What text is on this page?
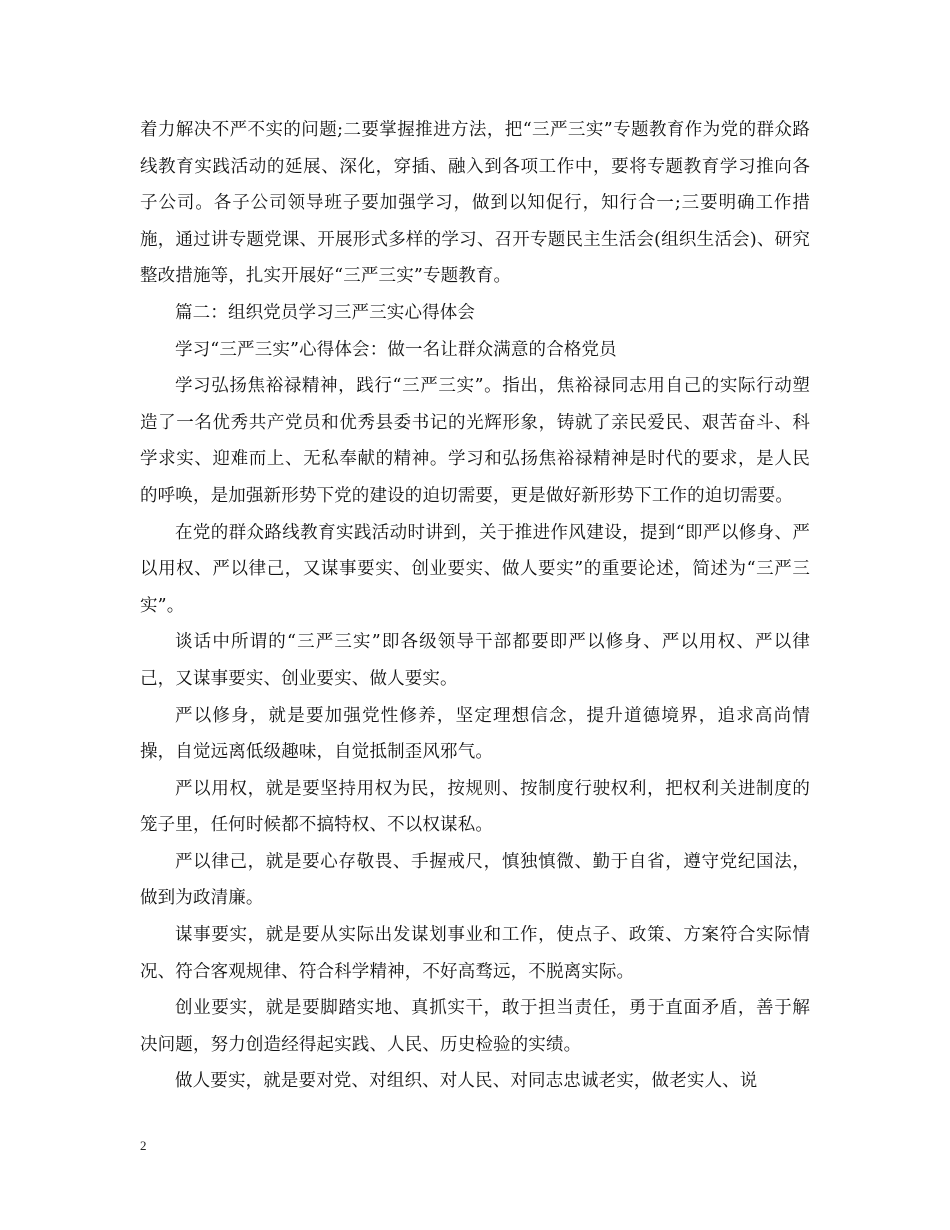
着力解决不严不实的问题;二要掌握推进方法，把“三严三实”专题教育作为党的群众路线教育实践活动的延展、深化，穿插、融入到各项工作中，要将专题教育学习推向各子公司。各子公司领导班子要加强学习，做到以知促行，知行合一;三要明确工作措施，通过讲专题党课、开展形式多样的学习、召开专题民主生活会(组织生活会)、研究整改措施等，扎实开展好“三严三实”专题教育。

篇二：组织党员学习三严三实心得体会

学习“三严三实”心得体会：做一名让群众满意的合格党员

学习弘扬焦裕禄精神，践行“三严三实”。指出，焦裕禄同志用自己的实际行动塑造了一名优秀共产党员和优秀县委书记的光辉形象，铸就了亲民爱民、艰苦奋斗、科学求实、迎难而上、无私奉献的精神。学习和弘扬焦裕禄精神是时代的要求，是人民的呼唤，是加强新形势下党的建设的迫切需要，更是做好新形势下工作的迫切需要。

在党的群众路线教育实践活动时讲到，关于推进作风建设，提到“即严以修身、严以用权、严以律己，又谋事要实、创业要实、做人要实”的重要论述，简述为“三严三实”。

谈话中所谓的“三严三实”即各级领导干部都要即严以修身、严以用权、严以律己，又谋事要实、创业要实、做人要实。

严以修身，就是要加强党性修养，坚定理想信念，提升道德境界，追求高尚情操，自觉远离低级趣味，自觉抵制歪风邪气。

严以用权，就是要坚持用权为民，按规则、按制度行驶权利，把权利关进制度的笼子里，任何时候都不搞特权、不以权谋私。

严以律己，就是要心存敬畏、手握戒尺，慎独慎微、勤于自省，遵守党纪国法，做到为政清廉。

谋事要实，就是要从实际出发谋划事业和工作，使点子、政策、方案符合实际情况、符合客观规律、符合科学精神，不好高骛远，不脱离实际。

创业要实，就是要脚踏实地、真抓实干，敢于担当责任，勇于直面矛盾，善于解决问题，努力创造经得起实践、人民、历史检验的实绩。

做人要实，就是要对党、对组织、对人民、对同志忠诚老实，做老实人、说

2
